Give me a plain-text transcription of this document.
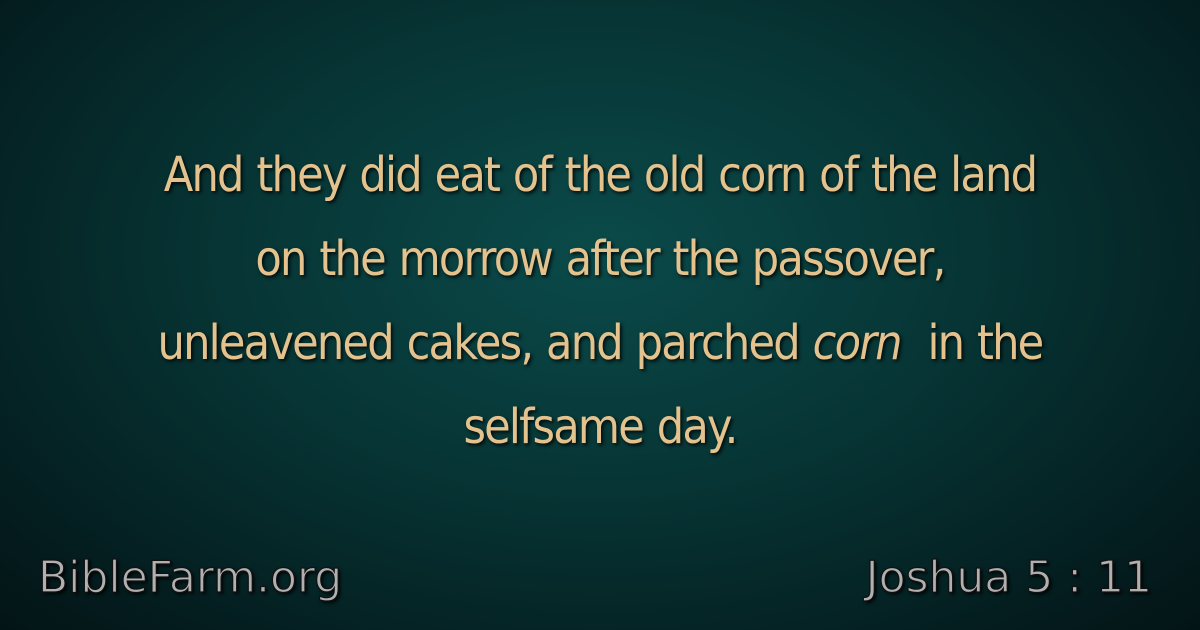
And they did eat of the old corn of the land
on the morrow after the passover,
unleavened cakes, and parched corn in the
selfsame day.
BibleFarm.org	Joshua 5 : 11
